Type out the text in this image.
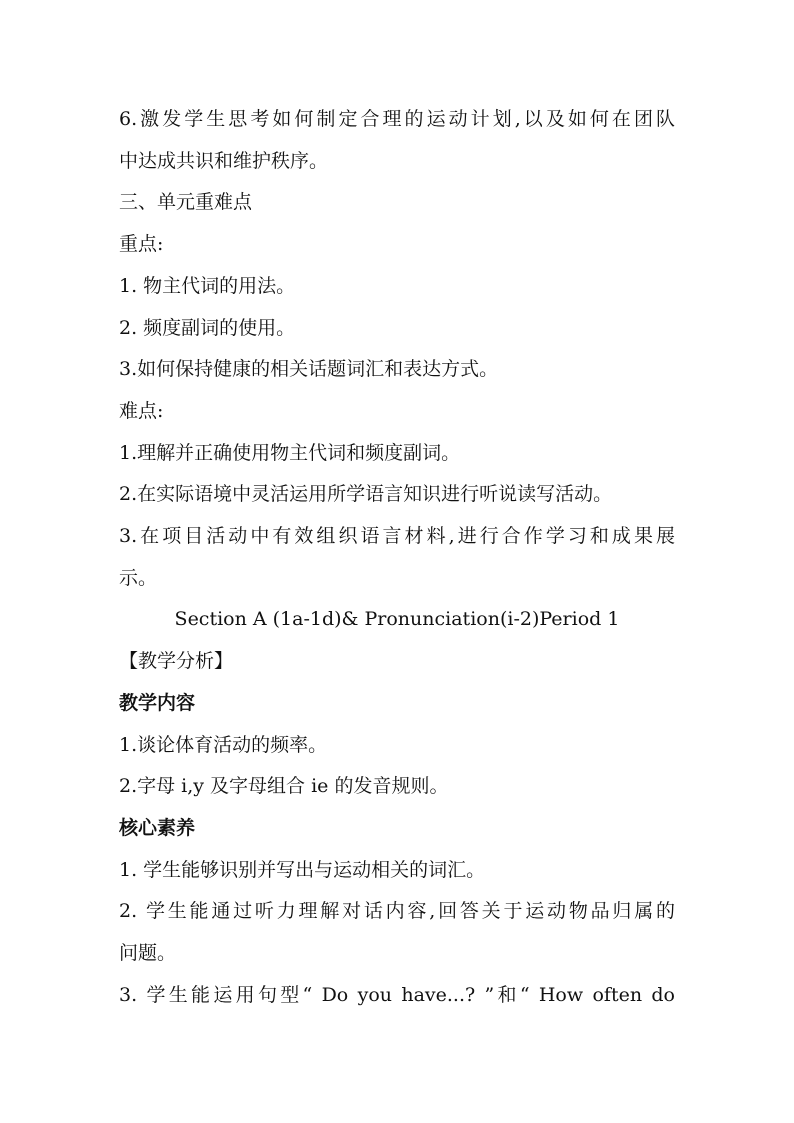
6.激发学生思考如何制定合理的运动计划,以及如何在团队
中达成共识和维护秩序。
三、单元重难点
重点:
1. 物主代词的用法。
2. 频度副词的使用。
3.如何保持健康的相关话题词汇和表达方式。
难点:
1.理解并正确使用物主代词和频度副词。
2.在实际语境中灵活运用所学语言知识进行听说读写活动。
3.在项目活动中有效组织语言材料,进行合作学习和成果展
示。
Section A (1a-1d)& Pronunciation(i-2)Period 1
【教学分析】
教学内容
1.谈论体育活动的频率。
2.字母 i,y 及字母组合 ie 的发音规则。
核心素养
1. 学生能够识别并写出与运动相关的词汇。
2. 学生能通过听力理解对话内容,回答关于运动物品归属的
问题。
3. 学生能运用句型“ Do you have...? ”和“ How often do
